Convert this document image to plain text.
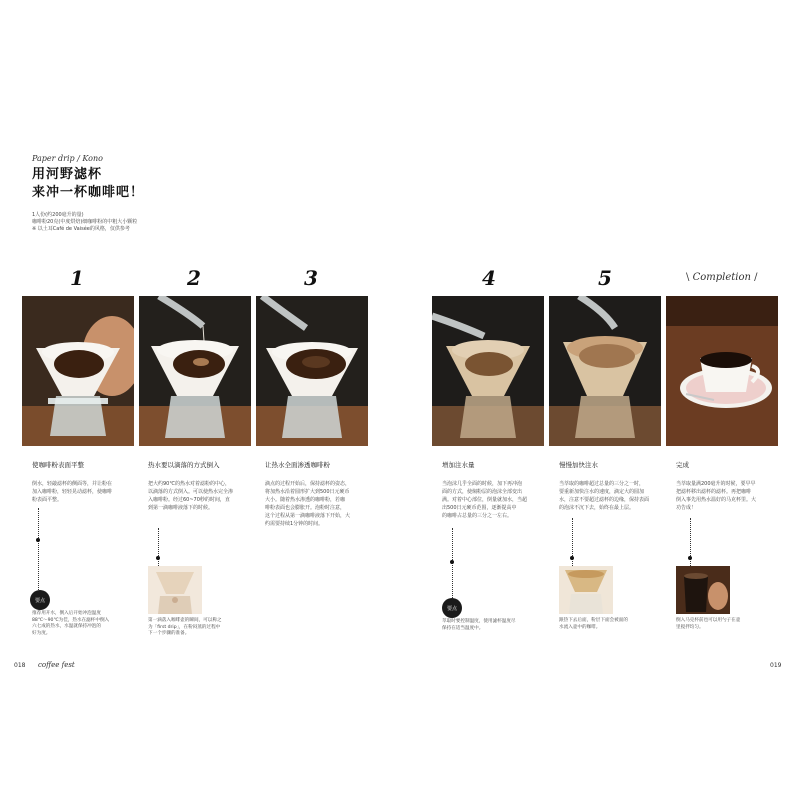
Paper drip / Kono
用河野滤杯
来冲一杯咖啡吧！
1人份(约200毫升的量)
咖啡粉20克(中度烘焙)细咖啡粉的中粗大小颗粒
※ 以土耳Café de Vaisée的风格，仅供参考
1	2	3	4	5	\ Completion /
使咖啡粉表面平整
倒水，轻敲滤杯的侧面等，并让粉在
加入咖啡粉，轻轻晃动滤杯，使咖啡
粉表面平整。
要点
推荐用开水，倒入后开始冲泡温度
88℃～90℃为佳，热水在滤杯中倒入
六七成的热水，水温就保持冲泡的
好为度。
热水要以滴落的方式倒入
把大约90℃的热水对着滤粉的中心，
以滴落的方式倒入。可以使热水完全渗
入咖啡粉。经过60~70秒的时间，直
到第一滴咖啡液落下的时候。
第一滴落入咖啡壶的瞬间，可以称之
为「first drip」，在粉闷蒸的过程中
下一个步骤的准备。
让热水全面渗透咖啡粉
滴点的过程开始后，保持滤杯的姿态，
将加热水沿着圆形扩大到500日元硬币
大小。随着热水渗透的咖啡粉，若咖
啡粉表面也会膨胀开。泡粉时注意，
这个过程从第一滴咖啡液落下开始，大
约需要持续1分钟的时间。
增加注水量
当泡沫几乎全面的时候，加下再冲泡
面的方式，使焖粉层的泡沫全部变出
满。对着中心部位，倒量就加水，当超
出500日元硬币范围，逐渐提高中
的咖啡占总量的三分之一左右。
要点
萃取时要控制温度，使用滤杯温度尽
保持在适当温度中。
慢慢加快注水
当萃取的咖啡超过总量的三分之一时，
要重新加快注水的速度，滴定大的圆加
水，注意不要超过滤杯的边缘，保持表面
的泡沫不沉下去，始终在最上层。
跟热下去后面，粉层下面会被面的
水流入壶中的咖啡。
完成
当萃取量满200毫升的时候，要早早
把滤杯移出滤杯的滤杯。再把咖啡
倒入事先用热水温好的马克杯里。大
功告成！
倒入马克杯前也可以用勺子在壶
里搅拌均匀。
018 coffee fest	019
